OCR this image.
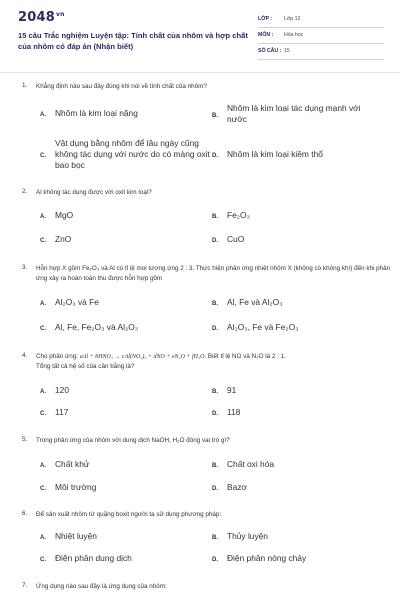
$2048^{vn}$
15 câu Trắc nghiệm Luyện tập: Tính chất của nhôm và hợp chất của nhôm có đáp án (Nhận biết)
LỚP : Lớp 12
MÔN : Hóa học
SỐ CÂU : 15
1. Khẳng định nào sau đây đúng khi nói về tính chất của nhôm?
A. Nhôm là kim loại nặng	B.
Nhôm là kim loại tác dụng mạnh với nước
C.
Vật dụng bằng nhôm để lâu ngày cũng không tác dụng với nước do có màng oxit bao bọc
D. Nhôm là kim loại kiềm thổ
2. Al không tác dụng được với oxit kim loại?
A. MgO	B. Fe₂O₃
C. ZnO	D. CuO
3. Hỗn hợp X gồm Fe₂O₃ và Al có tỉ lệ mol tương ứng 2 : 3. Thực hiện phản ứng nhiệt nhôm X (không có không khí) đến khi phản ứng xảy ra hoàn toàn thu được hỗn hợp gồm
A. Al₂O₃ và Fe	B. Al, Fe và Al₂O₃
C. Al, Fe, Fe₂O₃ và Al₂O₃	D. Al₂O₃, Fe và Fe₂O₃
4. Cho phản ứng: aAl + bHNO₃ → cAl(NO₃)₃ + dNO + eN₂O + fH₂O. Biết tỉ lệ NO và N₂O là 2 : 1.
Tổng tất cả hệ số của cân bằng là?
A. 120	B. 91
C. 117	D. 118
5. Trong phản ứng của nhôm với dung dịch NaOH, H₂O đóng vai trò gì?
A. Chất khử	B. Chất oxi hóa
C. Môi trường	D. Bazơ
6. Để sản xuất nhôm từ quặng boxit người ta sử dụng phương pháp:
A. Nhiệt luyện	B. Thủy luyện
C. Điện phân dung dịch	D. Điện phân nóng chảy
7. Ứng dụng nào sau đây là ứng dụng của nhôm:
